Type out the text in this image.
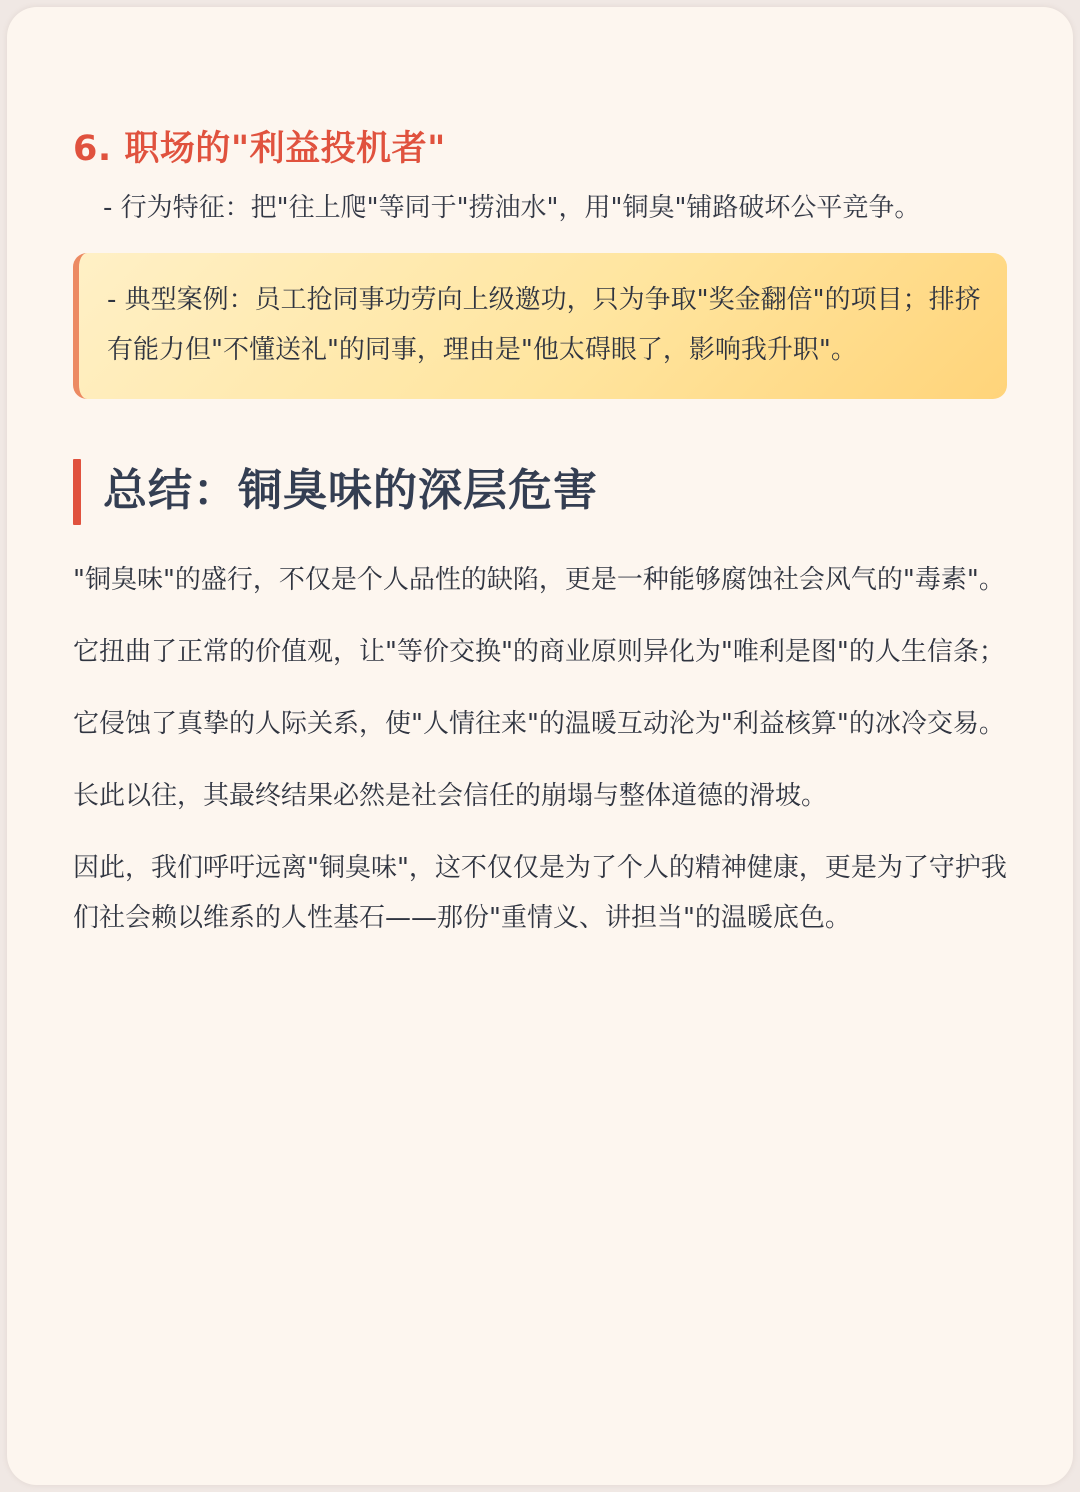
6. 职场的"利益投机者"

- 行为特征：把"往上爬"等同于"捞油水"，用"铜臭"铺路破坏公平竞争。

- 典型案例：员工抢同事功劳向上级邀功，只为争取"奖金翻倍"的项目；排挤有能力但"不懂送礼"的同事，理由是"他太碍眼了，影响我升职"。

总结：铜臭味的深层危害

"铜臭味"的盛行，不仅是个人品性的缺陷，更是一种能够腐蚀社会风气的"毒素"。

它扭曲了正常的价值观，让"等价交换"的商业原则异化为"唯利是图"的人生信条；

它侵蚀了真挚的人际关系，使"人情往来"的温暖互动沦为"利益核算"的冰冷交易。

长此以往，其最终结果必然是社会信任的崩塌与整体道德的滑坡。

因此，我们呼吁远离"铜臭味"，这不仅仅是为了个人的精神健康，更是为了守护我们社会赖以维系的人性基石——那份"重情义、讲担当"的温暖底色。
